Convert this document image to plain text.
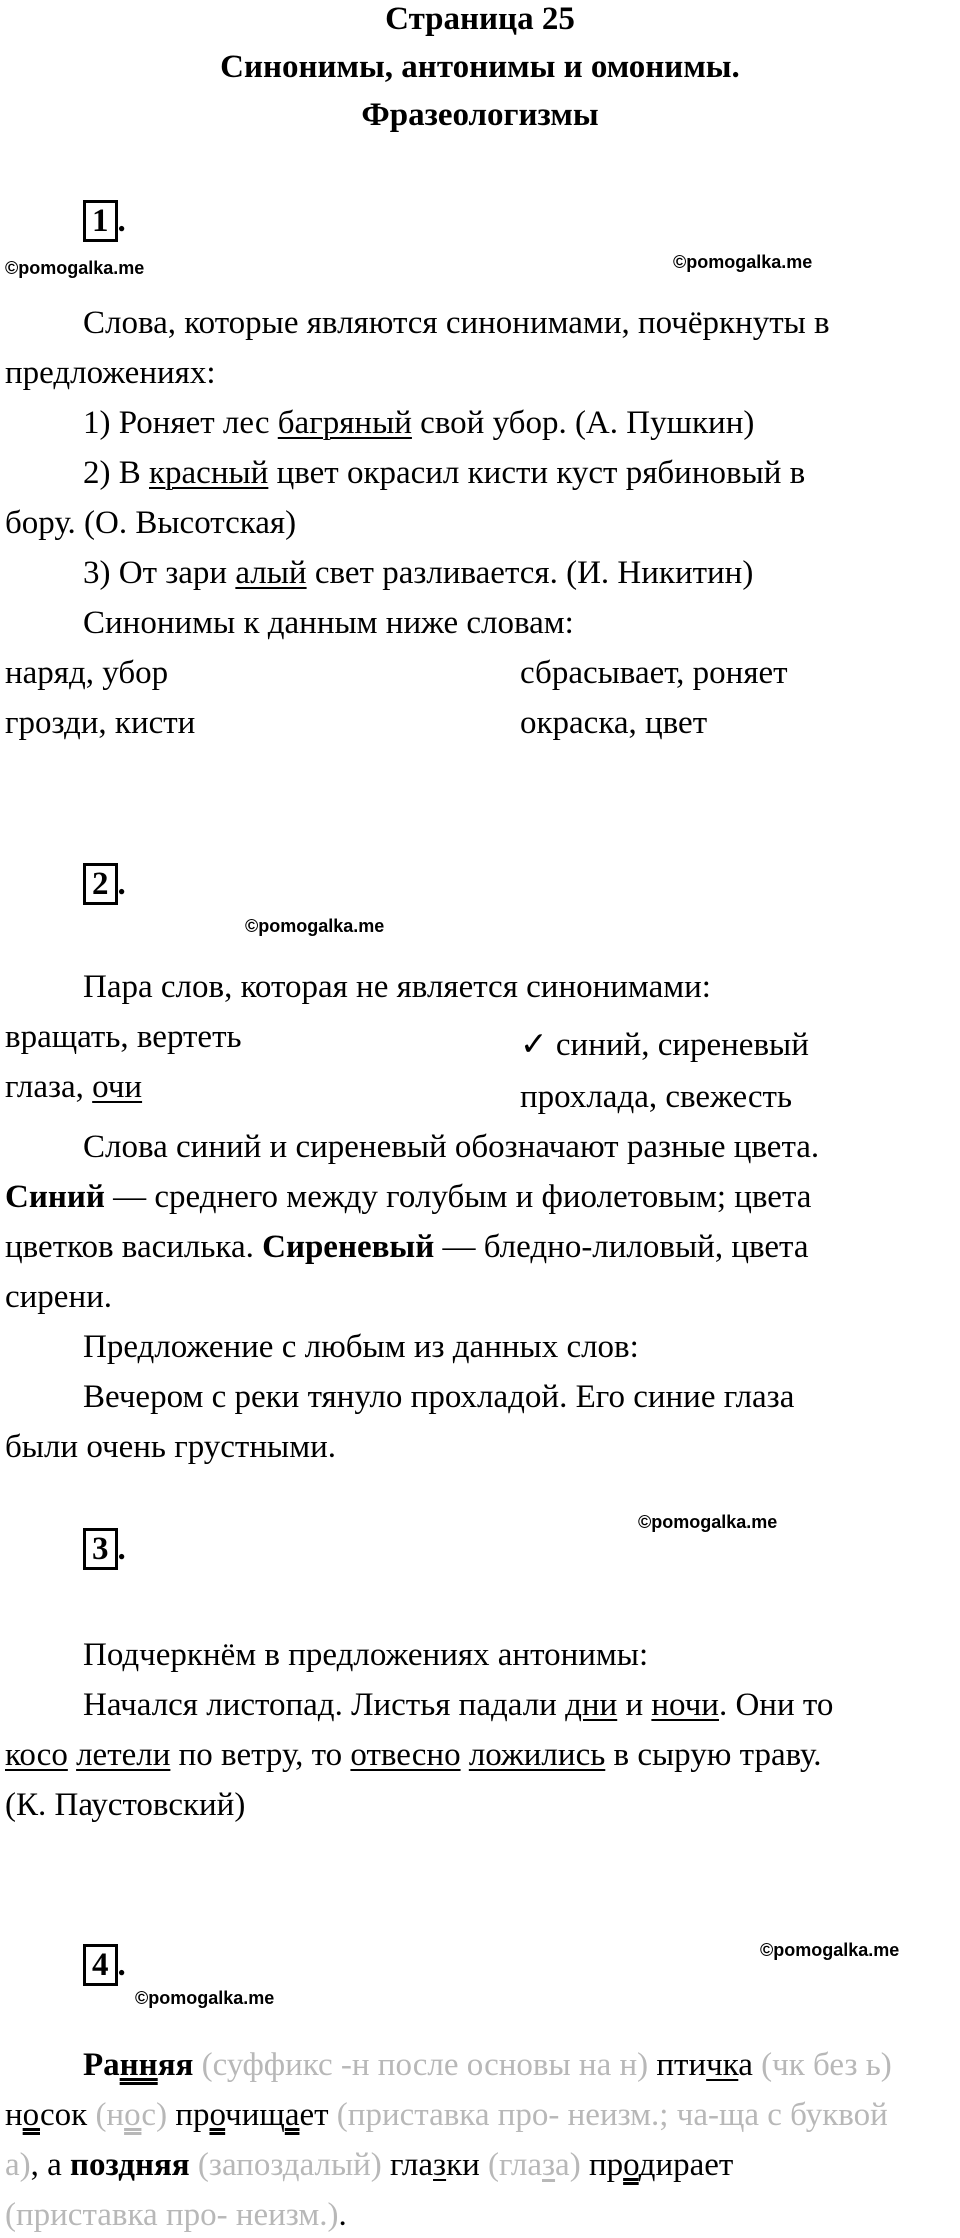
Страница 25
Синонимы, антонимы и омонимы.
Фразеологизмы
1 .
©pomogalka.me	©pomogalka.me
Слова, которые являются синонимами, почёркнуты в
предложениях:
1) Роняет лес багряный свой убор. (А. Пушкин)
2) В красный цвет окрасил кисти куст рябиновый в
бору. (О. Высотская)
3) От зари алый свет разливается. (И. Никитин)
Синонимы к данным ниже словам:
наряд, убор	сбрасывает, роняет
грозди, кисти	окраска, цвет
2 .
©pomogalka.me
Пара слов, которая не является синонимами:
вращать, вертеть	✓ синий, сиреневый
глаза, очи	прохлада, свежесть
Слова синий и сиреневый обозначают разные цвета.
Синий — среднего между голубым и фиолетовым; цвета
цветков василька. Сиреневый — бледно-лиловый, цвета
сирени.
Предложение с любым из данных слов:
Вечером с реки тянуло прохладой. Его синие глаза
были очень грустными.
©pomogalka.me
3 .
Подчеркнём в предложениях антонимы:
Начался листопад. Листья падали дни и ночи. Они то
косо летели по ветру, то отвесно ложились в сырую траву.
(К. Паустовский)
©pomogalka.me
4 .
©pomogalka.me
Ранняя (суффикс -н после основы на н) птичка (чк без ь)
носок (нос) прочищает (приставка про- неизм.; ча-ща с буквой
а), а поздняя (запоздалый) глазки (глаза) продирает
(приставка про- неизм.).
